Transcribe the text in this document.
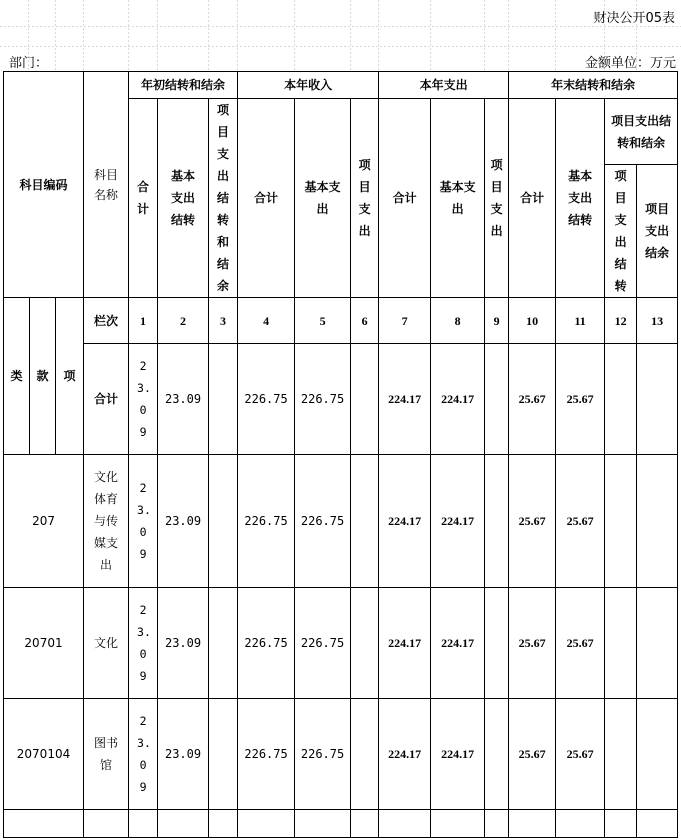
财决公开05表
部门：	金额单位：万元
科目编码			科目名称	年初结转和结余			本年收入			本年支出			年末结转和结余			
				合计	基本支出结转	项目支出结转和结余	合计	基本支出	项目支出	合计	基本支出	项目支出	合计	基本支出结转	项目支出结转和结余	

															项目支出结转	项目支出结余

类	款	项	栏次	1	2	3	4	5	6	7	8	9	10	11	12	13
			合计	23.09	23.09		226.75	226.75		224.17	224.17		25.67	25.67		
207			文化体育与传媒支出	23.09	23.09		226.75	226.75		224.17	224.17		25.67	25.67		
20701			文化	23.09	23.09		226.75	226.75		224.17	224.17		25.67	25.67		
2070104			图书馆	23.09	23.09		226.75	226.75		224.17	224.17		25.67	25.67		
